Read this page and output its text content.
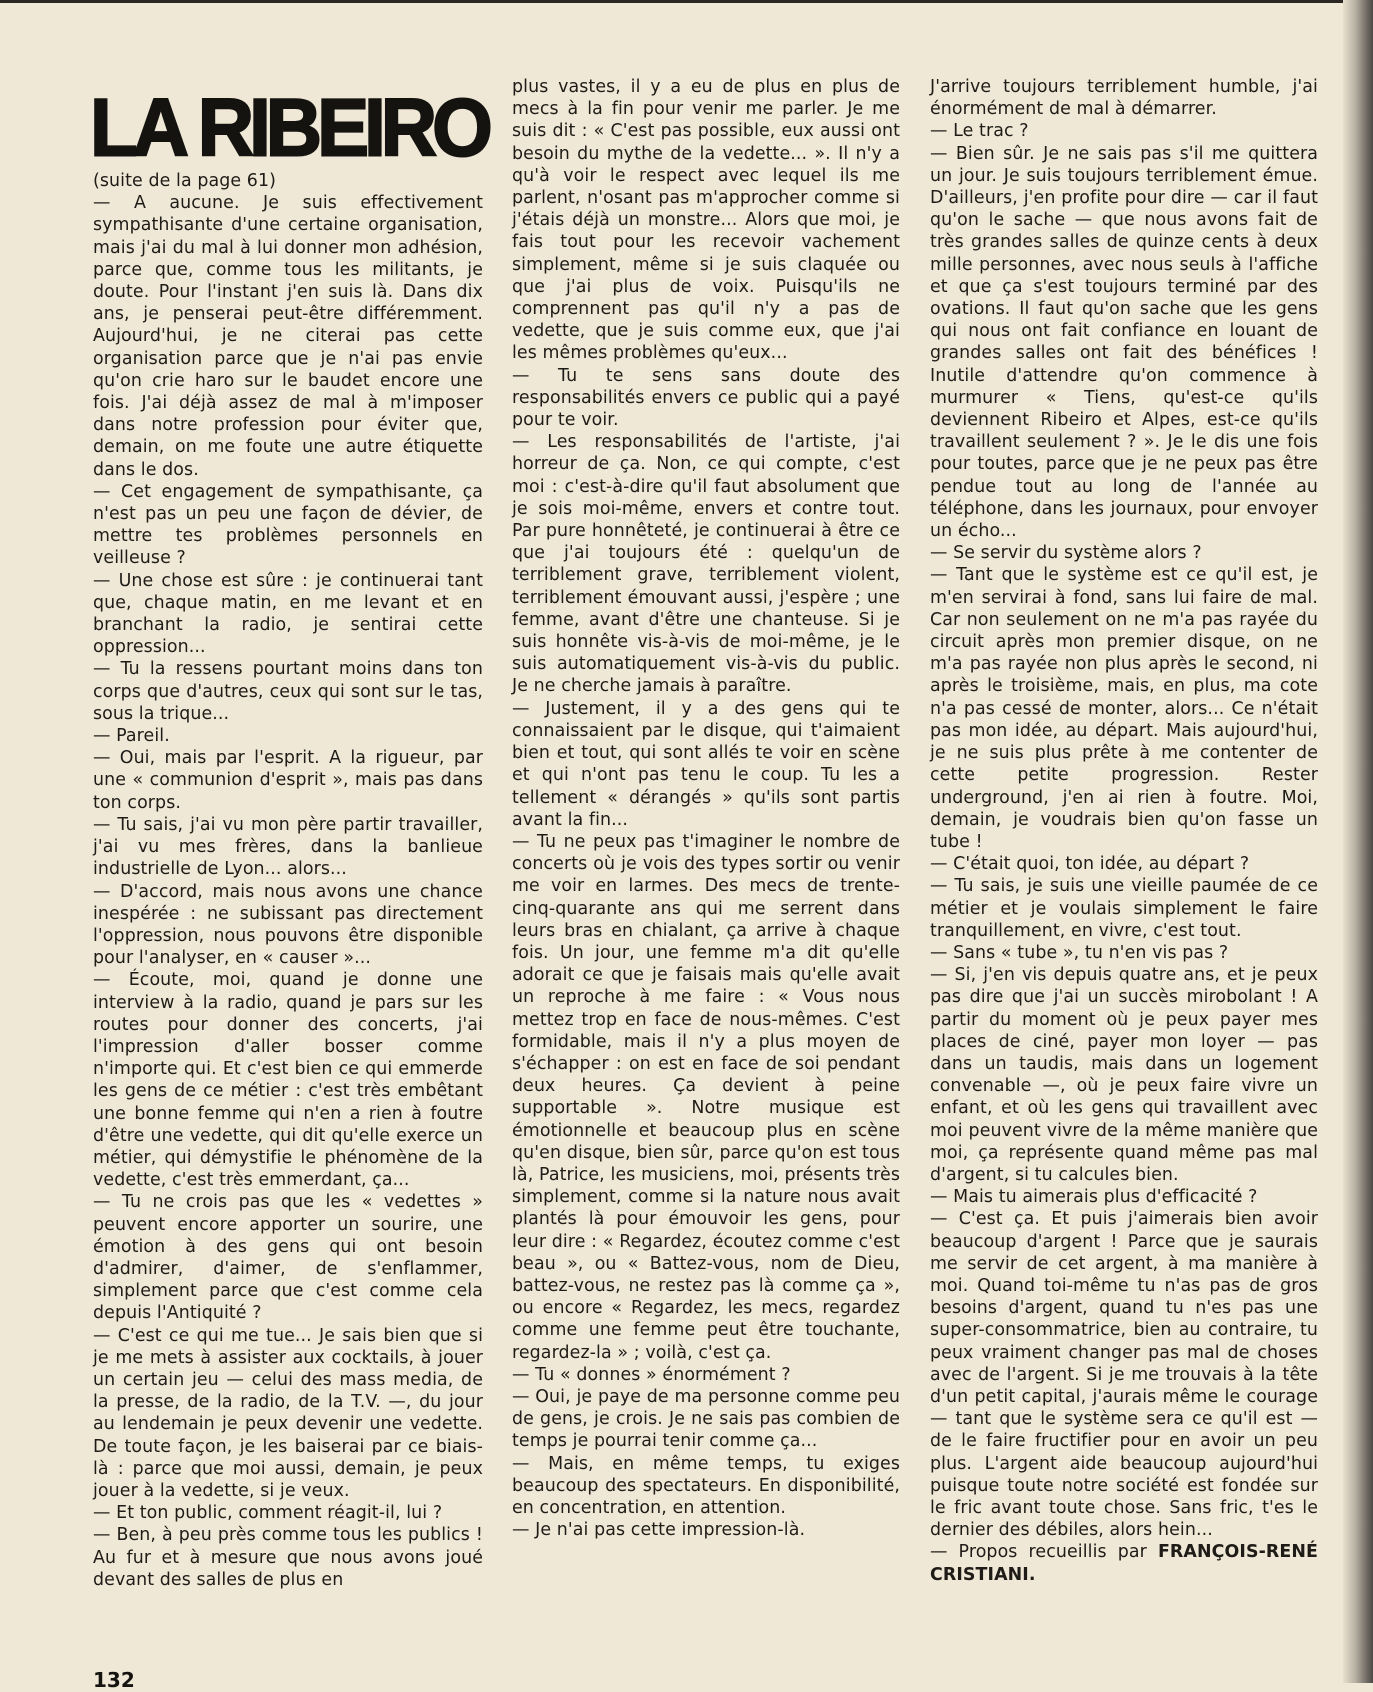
LA RIBEIRO

(suite de la page 61)

— A aucune. Je suis effectivement sympathisante d'une certaine organisation, mais j'ai du mal à lui donner mon adhésion, parce que, comme tous les militants, je doute. Pour l'instant j'en suis là. Dans dix ans, je penserai peut-être différemment. Aujourd'hui, je ne citerai pas cette organisation parce que je n'ai pas envie qu'on crie haro sur le baudet encore une fois. J'ai déjà assez de mal à m'imposer dans notre profession pour éviter que, demain, on me foute une autre étiquette dans le dos.

— Cet engagement de sympathisante, ça n'est pas un peu une façon de dévier, de mettre tes problèmes personnels en veilleuse ?

— Une chose est sûre : je continuerai tant que, chaque matin, en me levant et en branchant la radio, je sentirai cette oppression...

— Tu la ressens pourtant moins dans ton corps que d'autres, ceux qui sont sur le tas, sous la trique...

— Pareil.

— Oui, mais par l'esprit. A la rigueur, par une « communion d'esprit », mais pas dans ton corps.

— Tu sais, j'ai vu mon père partir travailler, j'ai vu mes frères, dans la banlieue industrielle de Lyon... alors...

— D'accord, mais nous avons une chance inespérée : ne subissant pas directement l'oppression, nous pouvons être disponible pour l'analyser, en « causer »...

— Écoute, moi, quand je donne une interview à la radio, quand je pars sur les routes pour donner des concerts, j'ai l'impression d'aller bosser comme n'importe qui. Et c'est bien ce qui emmerde les gens de ce métier : c'est très embêtant une bonne femme qui n'en a rien à foutre d'être une vedette, qui dit qu'elle exerce un métier, qui démystifie le phénomène de la vedette, c'est très emmerdant, ça...

— Tu ne crois pas que les « vedettes » peuvent encore apporter un sourire, une émotion à des gens qui ont besoin d'admirer, d'aimer, de s'enflammer, simplement parce que c'est comme cela depuis l'Antiquité ?

— C'est ce qui me tue... Je sais bien que si je me mets à assister aux cocktails, à jouer un certain jeu — celui des mass media, de la presse, de la radio, de la T.V. —, du jour au lendemain je peux devenir une vedette. De toute façon, je les baiserai par ce biais-là : parce que moi aussi, demain, je peux jouer à la vedette, si je veux.

— Et ton public, comment réagit-il, lui ?

— Ben, à peu près comme tous les publics ! Au fur et à mesure que nous avons joué devant des salles de plus en

plus vastes, il y a eu de plus en plus de mecs à la fin pour venir me parler. Je me suis dit : « C'est pas possible, eux aussi ont besoin du mythe de la vedette... ». Il n'y a qu'à voir le respect avec lequel ils me parlent, n'osant pas m'approcher comme si j'étais déjà un monstre... Alors que moi, je fais tout pour les recevoir vachement simplement, même si je suis claquée ou que j'ai plus de voix. Puisqu'ils ne comprennent pas qu'il n'y a pas de vedette, que je suis comme eux, que j'ai les mêmes problèmes qu'eux...

— Tu te sens sans doute des responsabilités envers ce public qui a payé pour te voir.

— Les responsabilités de l'artiste, j'ai horreur de ça. Non, ce qui compte, c'est moi : c'est-à-dire qu'il faut absolument que je sois moi-même, envers et contre tout. Par pure honnêteté, je continuerai à être ce que j'ai toujours été : quelqu'un de terriblement grave, terriblement violent, terriblement émouvant aussi, j'espère ; une femme, avant d'être une chanteuse. Si je suis honnête vis-à-vis de moi-même, je le suis automatiquement vis-à-vis du public. Je ne cherche jamais à paraître.

— Justement, il y a des gens qui te connaissaient par le disque, qui t'aimaient bien et tout, qui sont allés te voir en scène et qui n'ont pas tenu le coup. Tu les a tellement « dérangés » qu'ils sont partis avant la fin...

— Tu ne peux pas t'imaginer le nombre de concerts où je vois des types sortir ou venir me voir en larmes. Des mecs de trente-cinq-quarante ans qui me serrent dans leurs bras en chialant, ça arrive à chaque fois. Un jour, une femme m'a dit qu'elle adorait ce que je faisais mais qu'elle avait un reproche à me faire : « Vous nous mettez trop en face de nous-mêmes. C'est formidable, mais il n'y a plus moyen de s'échapper : on est en face de soi pendant deux heures. Ça devient à peine supportable ». Notre musique est émotionnelle et beaucoup plus en scène qu'en disque, bien sûr, parce qu'on est tous là, Patrice, les musiciens, moi, présents très simplement, comme si la nature nous avait plantés là pour émouvoir les gens, pour leur dire : « Regardez, écoutez comme c'est beau », ou « Battez-vous, nom de Dieu, battez-vous, ne restez pas là comme ça », ou encore « Regardez, les mecs, regardez comme une femme peut être touchante, regardez-la » ; voilà, c'est ça.

— Tu « donnes » énormément ?

— Oui, je paye de ma personne comme peu de gens, je crois. Je ne sais pas combien de temps je pourrai tenir comme ça...

— Mais, en même temps, tu exiges beaucoup des spectateurs. En disponibilité, en concentration, en attention.

— Je n'ai pas cette impression-là.

J'arrive toujours terriblement humble, j'ai énormément de mal à démarrer.

— Le trac ?

— Bien sûr. Je ne sais pas s'il me quittera un jour. Je suis toujours terriblement émue. D'ailleurs, j'en profite pour dire — car il faut qu'on le sache — que nous avons fait de très grandes salles de quinze cents à deux mille personnes, avec nous seuls à l'affiche et que ça s'est toujours terminé par des ovations. Il faut qu'on sache que les gens qui nous ont fait confiance en louant de grandes salles ont fait des bénéfices ! Inutile d'attendre qu'on commence à murmurer « Tiens, qu'est-ce qu'ils deviennent Ribeiro et Alpes, est-ce qu'ils travaillent seulement ? ». Je le dis une fois pour toutes, parce que je ne peux pas être pendue tout au long de l'année au téléphone, dans les journaux, pour envoyer un écho...

— Se servir du système alors ?

— Tant que le système est ce qu'il est, je m'en servirai à fond, sans lui faire de mal. Car non seulement on ne m'a pas rayée du circuit après mon premier disque, on ne m'a pas rayée non plus après le second, ni après le troisième, mais, en plus, ma cote n'a pas cessé de monter, alors... Ce n'était pas mon idée, au départ. Mais aujourd'hui, je ne suis plus prête à me contenter de cette petite progression. Rester underground, j'en ai rien à foutre. Moi, demain, je voudrais bien qu'on fasse un tube !

— C'était quoi, ton idée, au départ ?

— Tu sais, je suis une vieille paumée de ce métier et je voulais simplement le faire tranquillement, en vivre, c'est tout.

— Sans « tube », tu n'en vis pas ?

— Si, j'en vis depuis quatre ans, et je peux pas dire que j'ai un succès mirobolant ! A partir du moment où je peux payer mes places de ciné, payer mon loyer — pas dans un taudis, mais dans un logement convenable —, où je peux faire vivre un enfant, et où les gens qui travaillent avec moi peuvent vivre de la même manière que moi, ça représente quand même pas mal d'argent, si tu calcules bien.

— Mais tu aimerais plus d'efficacité ?

— C'est ça. Et puis j'aimerais bien avoir beaucoup d'argent ! Parce que je saurais me servir de cet argent, à ma manière à moi. Quand toi-même tu n'as pas de gros besoins d'argent, quand tu n'es pas une super-consommatrice, bien au contraire, tu peux vraiment changer pas mal de choses avec de l'argent. Si je me trouvais à la tête d'un petit capital, j'aurais même le courage — tant que le système sera ce qu'il est — de le faire fructifier pour en avoir un peu plus. L'argent aide beaucoup aujourd'hui puisque toute notre société est fondée sur le fric avant toute chose. Sans fric, t'es le dernier des débiles, alors hein...

— Propos recueillis par FRANÇOIS-RENÉ CRISTIANI.

132
